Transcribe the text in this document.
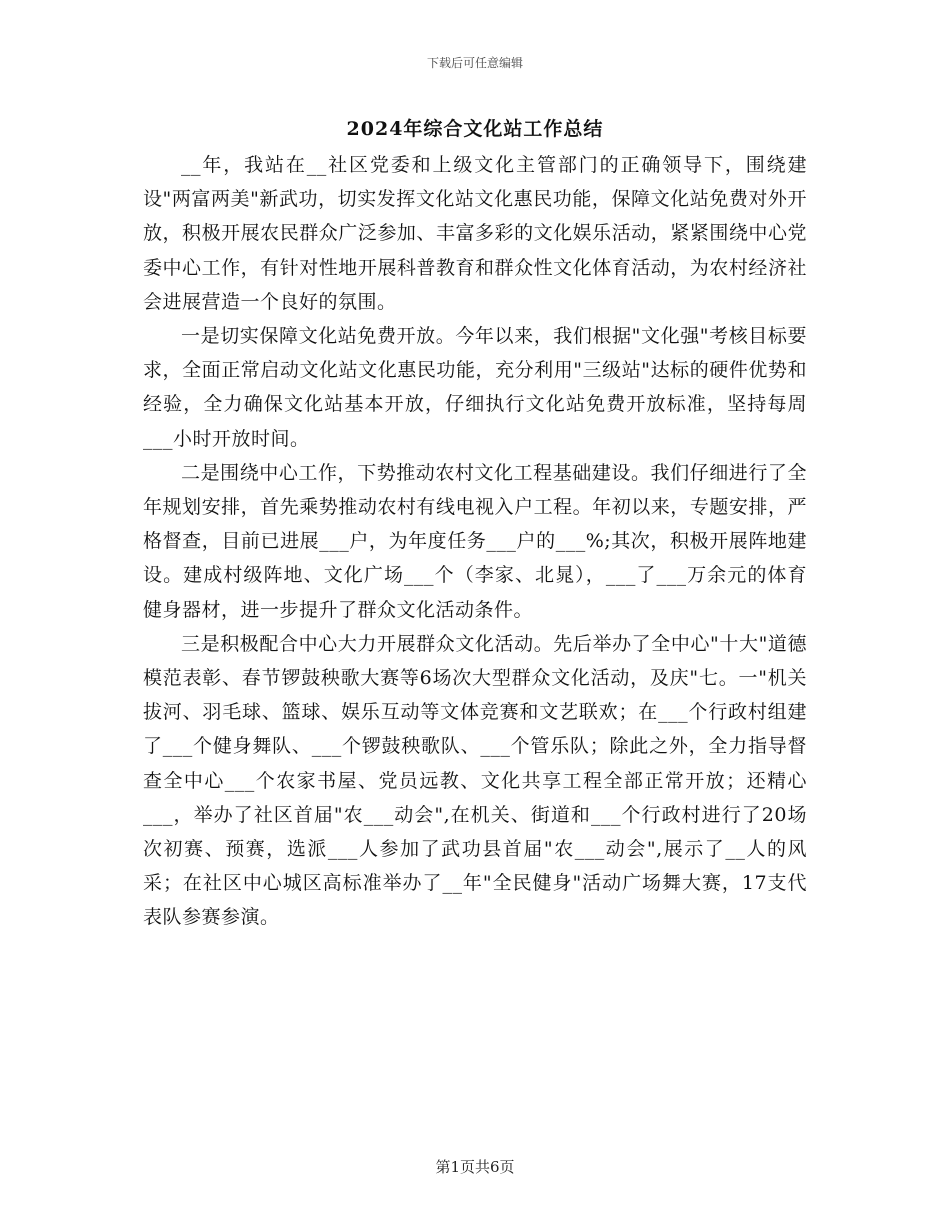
下载后可任意编辑
2024年综合文化站工作总结

__年，我站在__社区党委和上级文化主管部门的正确领导下，围绕建设"两富两美"新武功，切实发挥文化站文化惠民功能，保障文化站免费对外开放，积极开展农民群众广泛参加、丰富多彩的文化娱乐活动，紧紧围绕中心党委中心工作，有针对性地开展科普教育和群众性文化体育活动，为农村经济社会进展营造一个良好的氛围。

一是切实保障文化站免费开放。今年以来，我们根据"文化强"考核目标要求，全面正常启动文化站文化惠民功能，充分利用"三级站"达标的硬件优势和经验，全力确保文化站基本开放，仔细执行文化站免费开放标准，坚持每周___小时开放时间。

二是围绕中心工作，下势推动农村文化工程基础建设。我们仔细进行了全年规划安排，首先乘势推动农村有线电视入户工程。年初以来，专题安排，严格督查，目前已进展___户，为年度任务___户的___%;其次，积极开展阵地建设。建成村级阵地、文化广场___个（李家、北晁），___了___万余元的体育健身器材，进一步提升了群众文化活动条件。

三是积极配合中心大力开展群众文化活动。先后举办了全中心"十大"道德模范表彰、春节锣鼓秧歌大赛等6场次大型群众文化活动，及庆"七。一"机关拔河、羽毛球、篮球、娱乐互动等文体竞赛和文艺联欢；在___个行政村组建了___个健身舞队、___个锣鼓秧歌队、___个管乐队；除此之外，全力指导督查全中心___个农家书屋、党员远教、文化共享工程全部正常开放；还精心___，举办了社区首届"农___动会",在机关、街道和___个行政村进行了20场次初赛、预赛，选派___人参加了武功县首届"农___动会",展示了__人的风采；在社区中心城区高标准举办了__年"全民健身"活动广场舞大赛，17支代表队参赛参演。

第1页共6页
